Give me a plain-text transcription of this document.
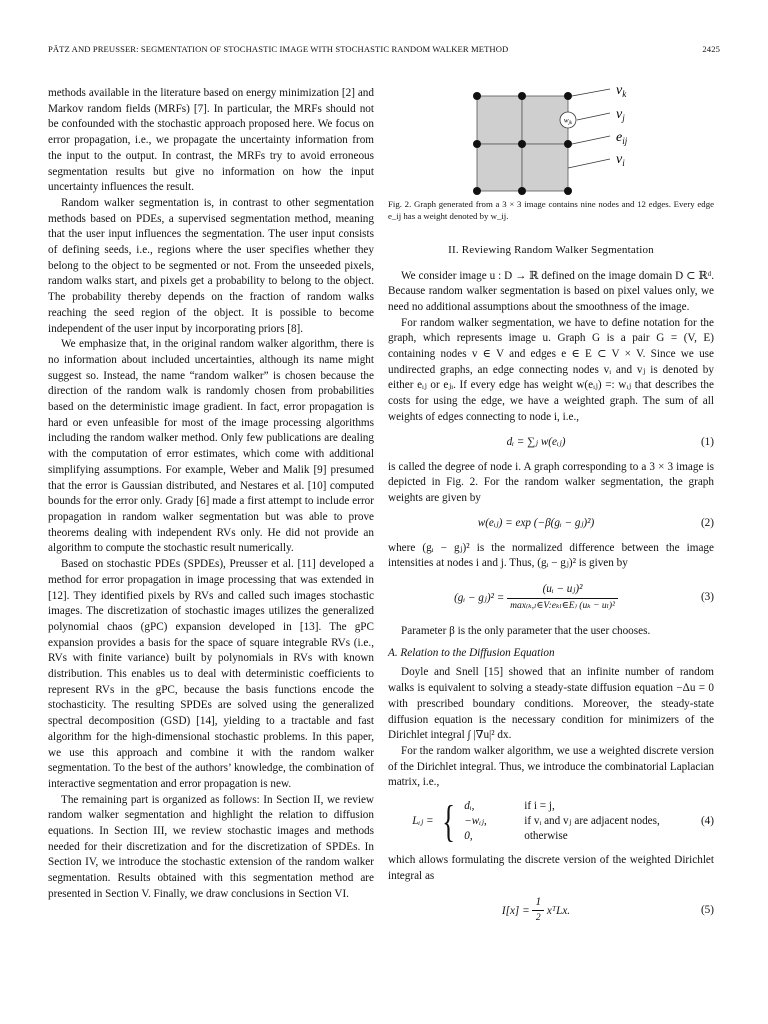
PÄTZ AND PREUSSER: SEGMENTATION OF STOCHASTIC IMAGE WITH STOCHASTIC RANDOM WALKER METHOD	2425

methods available in the literature based on energy minimization [2] and Markov random fields (MRFs) [7]. In particular, the MRFs should not be confounded with the stochastic approach proposed here. We focus on error propagation, i.e., we propagate the uncertainty information from the input to the output. In contrast, the MRFs try to avoid erroneous segmentation results but give no information on how the input uncertainty influences the result.

Random walker segmentation is, in contrast to other segmentation methods based on PDEs, a supervised segmentation method, meaning that the user input influences the segmentation. The user input consists of defining seeds, i.e., regions where the user specifies whether they belong to the object to be segmented or not. From the unseeded pixels, random walks start, and pixels get a probability to belong to the object. The probability thereby depends on the fraction of random walks reaching the seed region of the object. It is possible to become independent of the user input by incorporating priors [8].

We emphasize that, in the original random walker algorithm, there is no information about included uncertainties, although its name might suggest so. Instead, the name “random walker” is chosen because the direction of the random walk is randomly chosen from probabilities based on the deterministic image gradient. In fact, error propagation is hard or even unfeasible for most of the image processing algorithms including the random walker method. Only few publications are dealing with the computation of error estimates, which come with additional simplifying assumptions. For example, Weber and Malik [9] presumed that the error is Gaussian distributed, and Nestares et al. [10] computed bounds for the error only. Grady [6] made a first attempt to include error propagation in random walker segmentation but was able to prove theorems dealing with independent RVs only. He did not provide an algorithm to compute the stochastic result numerically.

Based on stochastic PDEs (SPDEs), Preusser et al. [11] developed a method for error propagation in image processing that was extended in [12]. They identified pixels by RVs and called such images stochastic images. The discretization of stochastic images utilizes the generalized polynomial chaos (gPC) expansion developed in [13]. The gPC expansion provides a basis for the space of square integrable RVs (i.e., RVs with finite variance) built by polynomials in RVs with known distribution. This enables us to deal with deterministic coefficients to represent RVs in the gPC, because the basis functions encode the stochasticity. The resulting SPDEs are solved using the generalized spectral decomposition (GSD) [14], yielding to a tractable and fast algorithm for the high-dimensional stochastic problems. In this paper, we use this approach and combine it with the random walker segmentation. To the best of the authors’ knowledge, the combination of interactive segmentation and error propagation is new.

The remaining part is organized as follows: In Section II, we review random walker segmentation and highlight the relation to diffusion equations. In Section III, we review stochastic images and methods needed for their discretization and for the discretization of SPDEs. In Section IV, we introduce the stochastic extension of the random walker segmentation. Results obtained with this segmentation method are presented in Section V. Finally, we draw conclusions in Section VI.

$w_{jk}$
$v_k$
$v_j$
$e_{ij}$
$v_i$

Fig. 2. Graph generated from a 3 × 3 image contains nine nodes and 12 edges. Every edge e_ij has a weight denoted by w_ij.

II. Reviewing Random Walker Segmentation

We consider image u : D → ℝ defined on the image domain D ⊂ ℝᵈ. Because random walker segmentation is based on pixel values only, we need no additional assumptions about the smoothness of the image.

For random walker segmentation, we have to define notation for the graph, which represents image u. Graph G is a pair G = (V, E) containing nodes v ∈ V and edges e ∈ E ⊂ V × V. Since we use undirected graphs, an edge connecting nodes vᵢ and vⱼ is denoted by either eᵢⱼ or eⱼᵢ. If every edge has weight w(eᵢⱼ) =: wᵢⱼ that describes the costs for using the edge, we have a weighted graph. The sum of all weights of edges connecting to node i, i.e.,

dᵢ = ∑ⱼ w(eᵢⱼ)	(1)

is called the degree of node i. A graph corresponding to a 3 × 3 image is depicted in Fig. 2. For the random walker segmentation, the graph weights are given by

w(eᵢⱼ) = exp (−β(gᵢ − gⱼ)²)	(2)

where (gᵢ − gⱼ)² is the normalized difference between the image intensities at nodes i and j. Thus, (gᵢ − gⱼ)² is given by

(gᵢ − gⱼ)² = $\frac{\text{(uᵢ − uⱼ)²}}{\text{max₍ₖ,ₗ∈V:eₖₗ∈E₎ (uₖ − uₗ)²}}$	(3)

Parameter β is the only parameter that the user chooses.

A. Relation to the Diffusion Equation

Doyle and Snell [15] showed that an infinite number of random walks is equivalent to solving a steady-state diffusion equation −Δu = 0 with prescribed boundary conditions. Moreover, the steady-state diffusion equation is the necessary condition for minimizers of the Dirichlet integral ∫ |∇u|² dx.

For the random walker algorithm, we use a weighted discrete version of the Dirichlet integral. Thus, we introduce the combinatorial Laplacian matrix, i.e.,

Lᵢⱼ = { dᵢ,	if i = j,
−wᵢⱼ,	if vᵢ and vⱼ are adjacent nodes,
0,	otherwise
(4)

which allows formulating the discrete version of the weighted Dirichlet integral as

$I[x] = \frac{1}{2}$ xᵀLx.	(5)
